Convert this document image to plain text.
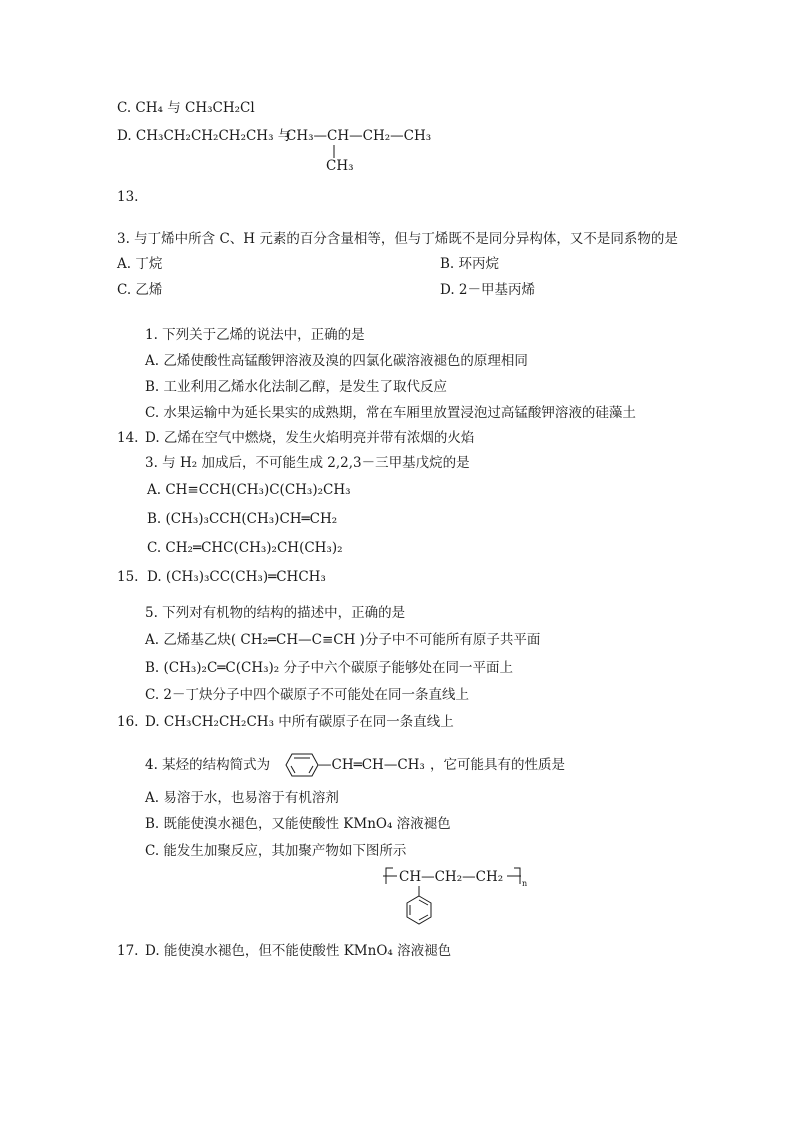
C. CH₄ 与 CH₃CH₂Cl
D. CH₃CH₂CH₂CH₂CH₃ 与
CH₃—CH—CH₂—CH₃
CH₃
13.
3. 与丁烯中所含 C、H 元素的百分含量相等，但与丁烯既不是同分异构体，又不是同系物的是
A. 丁烷	B. 环丙烷
C. 乙烯	D. 2－甲基丙烯
1. 下列关于乙烯的说法中，正确的是
A. 乙烯使酸性高锰酸钾溶液及溴的四氯化碳溶液褪色的原理相同
B. 工业利用乙烯水化法制乙醇，是发生了取代反应
C. 水果运输中为延长果实的成熟期，常在车厢里放置浸泡过高锰酸钾溶液的硅藻土
14. D. 乙烯在空气中燃烧，发生火焰明亮并带有浓烟的火焰
3. 与 H₂ 加成后，不可能生成 2,2,3－三甲基戊烷的是
A. CH≡CCH(CH₃)C(CH₃)₂CH₃
B. (CH₃)₃CCH(CH₃)CH═CH₂
C. CH₂═CHC(CH₃)₂CH(CH₃)₂
15. D. (CH₃)₃CC(CH₃)═CHCH₃
5. 下列对有机物的结构的描述中，正确的是
A. 乙烯基乙炔( CH₂═CH—C≡CH )分子中不可能所有原子共平面
B. (CH₃)₂C═C(CH₃)₂ 分子中六个碳原子能够处在同一平面上
C. 2－丁炔分子中四个碳原子不可能处在同一条直线上
16. D. CH₃CH₂CH₂CH₃ 中所有碳原子在同一条直线上
4. 某烃的结构简式为	—CH═CH—CH₃ ，它可能具有的性质是
A. 易溶于水，也易溶于有机溶剂
B. 既能使溴水褪色，又能使酸性 KMnO₄ 溶液褪色
C. 能发生加聚反应，其加聚产物如下图所示
CH—CH₂—CH₂ n
17. D. 能使溴水褪色，但不能使酸性 KMnO₄ 溶液褪色
